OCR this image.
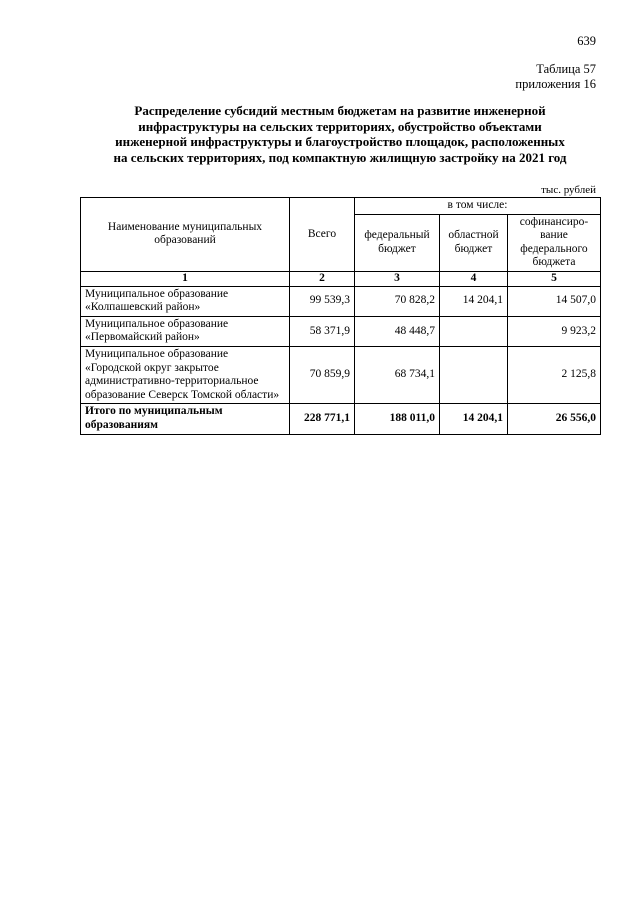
639
Таблица 57
приложения 16
Распределение субсидий местным бюджетам на развитие инженерной
инфраструктуры на сельских территориях, обустройство объектами
инженерной инфраструктуры и благоустройство площадок, расположенных
на сельских территориях, под компактную жилищную застройку на 2021 год
тыс. рублей
Наименование муниципальных образований	Всего	в том числе:		
		федеральный бюджет	областной бюджет	софинансиро-вание федерального бюджета
1	2	3	4	5
Муниципальное образование «Колпашевский район»	99 539,3	70 828,2	14 204,1	14 507,0
Муниципальное образование «Первомайский район»	58 371,9	48 448,7		9 923,2
Муниципальное образование «Городской округ закрытое административно-территориальное образование Северск Томской области»	70 859,9	68 734,1		2 125,8
Итого по муниципальным образованиям	228 771,1	188 011,0	14 204,1	26 556,0
